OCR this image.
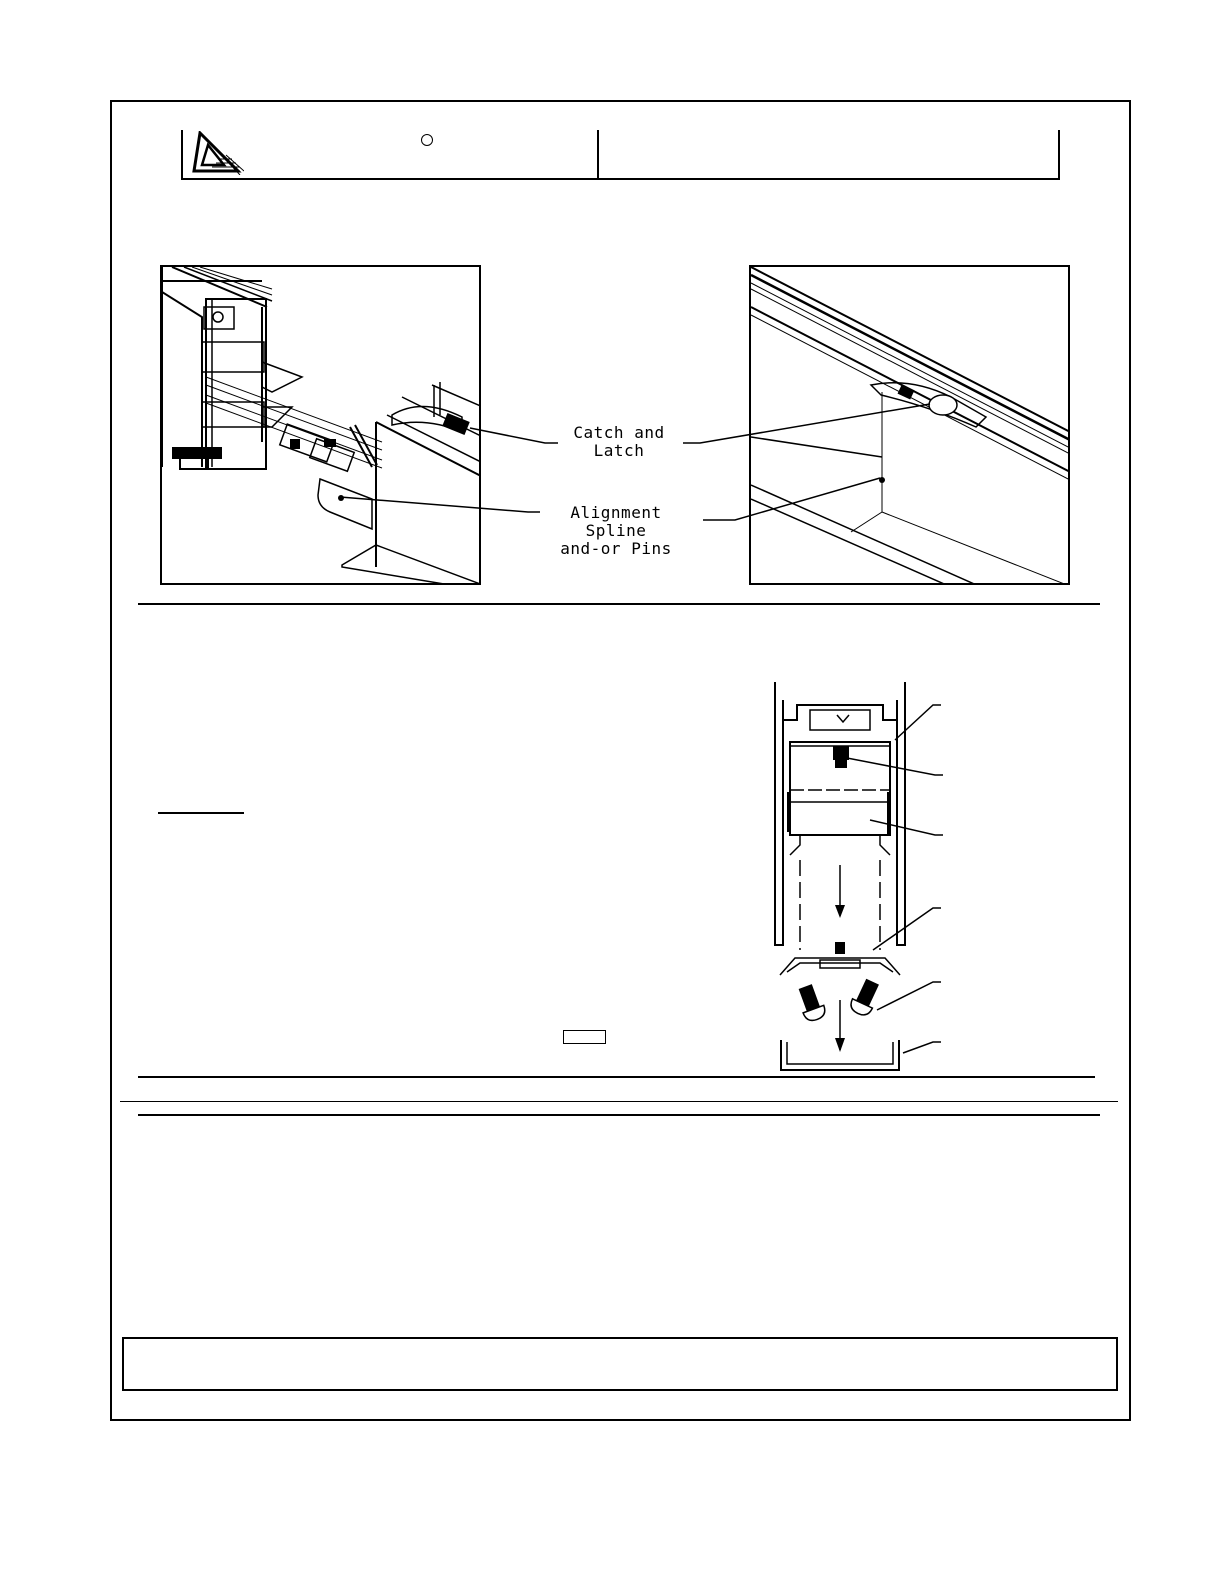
Catch and
Latch
Alignment Spline
and-or Pins
